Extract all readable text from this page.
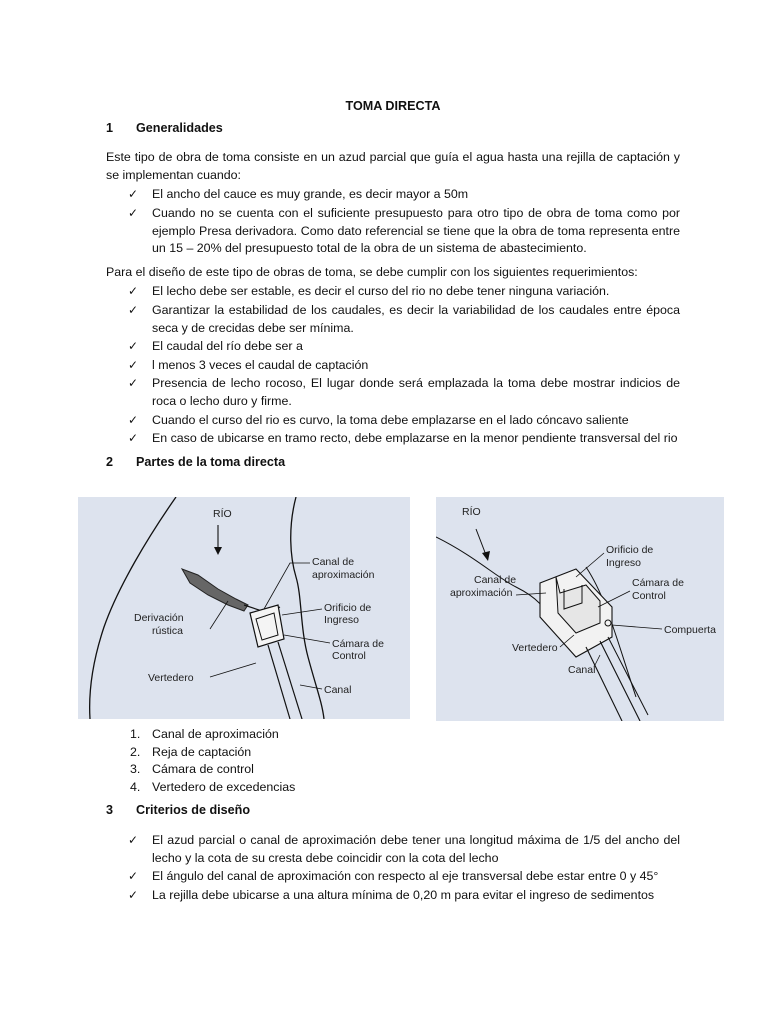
TOMA DIRECTA
1	Generalidades

Este tipo de obra de toma consiste en un azud parcial que guía el agua hasta una rejilla de captación y se implementan cuando:

✓ El ancho del cauce es muy grande, es decir mayor a 50m
✓ Cuando no se cuenta con el suficiente presupuesto para otro tipo de obra de toma como por ejemplo Presa derivadora. Como dato referencial se tiene que la obra de toma representa entre un 15 – 20% del presupuesto total de la obra de un sistema de abastecimiento.

Para el diseño de este tipo de obras de toma, se debe cumplir con los siguientes requerimientos:

✓ El lecho debe ser estable, es decir el curso del rio no debe tener ninguna variación.
✓ Garantizar la estabilidad de los caudales, es decir la variabilidad de los caudales entre época seca y de crecidas debe ser mínima.
✓ El caudal del río debe ser a
✓ l menos 3 veces el caudal de captación
✓ Presencia de lecho rocoso, El lugar donde será emplazada la toma debe mostrar indicios de roca o lecho duro y firme.
✓ Cuando el curso del rio es curvo, la toma debe emplazarse en el lado cóncavo saliente
✓ En caso de ubicarse en tramo recto, debe emplazarse en la menor pendiente transversal del rio
2	Partes de la toma directa
RÍO
Canal de
aproximación
Orificio de
Ingreso
Cámara de
Control
Derivación
rústica
Vertedero
Canal
RÍO
Orificio de
Ingreso
Canal de
aproximación
Cámara de
Control
Compuerta
Vertedero
Canal
1. Canal de aproximación
2. Reja de captación
3. Cámara de control
4. Vertedero de excedencias
3	Criterios de diseño
✓ El azud parcial o canal de aproximación debe tener una longitud máxima de 1/5 del ancho del lecho y la cota de su cresta debe coincidir con la cota del lecho
✓ El ángulo del canal de aproximación con respecto al eje transversal debe estar entre 0 y 45°
✓ La rejilla debe ubicarse a una altura mínima de 0,20 m para evitar el ingreso de sedimentos
